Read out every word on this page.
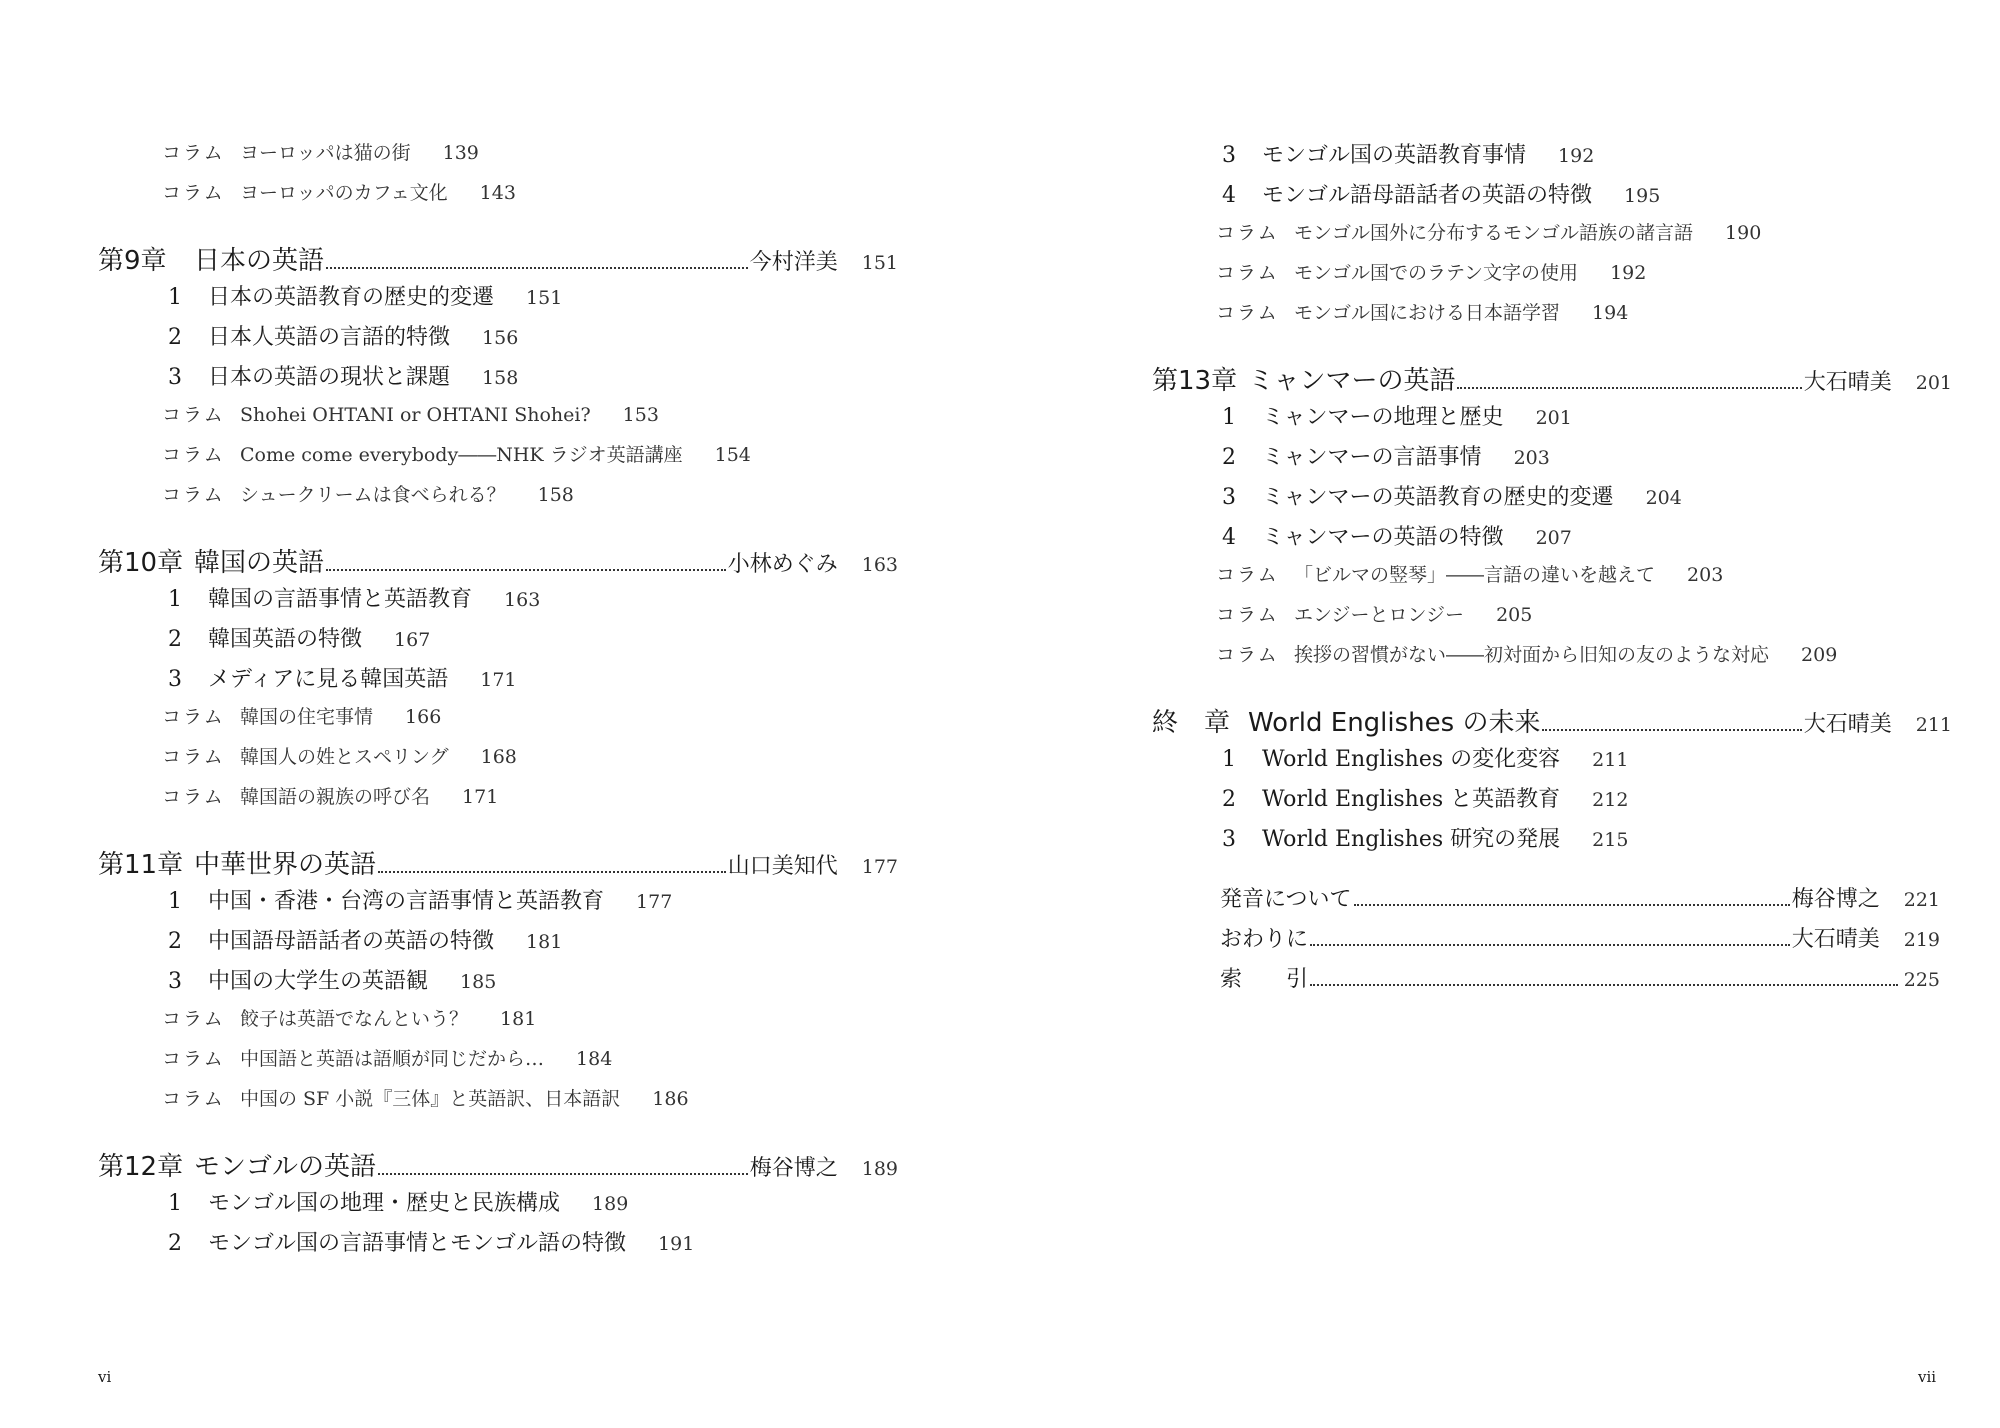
コラム ヨーロッパは猫の街 139
コラム ヨーロッパのカフェ文化 143
第9章	日本の英語	今村洋美 151
1	日本の英語教育の歴史的変遷 151
2	日本人英語の言語的特徴 156
3	日本の英語の現状と課題 158
コラム Shohei OHTANI or OHTANI Shohei? 153
コラム Come come everybody――NHK ラジオ英語講座 154
コラム シュークリームは食べられる？ 158
第10章 韓国の英語	小林めぐみ 163
1	韓国の言語事情と英語教育 163
2	韓国英語の特徴 167
3	メディアに見る韓国英語 171
コラム 韓国の住宅事情 166
コラム 韓国人の姓とスペリング 168
コラム 韓国語の親族の呼び名 171
第11章 中華世界の英語	山口美知代 177
1	中国・香港・台湾の言語事情と英語教育 177
2	中国語母語話者の英語の特徴 181
3	中国の大学生の英語観 185
コラム 餃子は英語でなんという？ 181
コラム 中国語と英語は語順が同じだから… 184
コラム 中国の SF 小説『三体』と英語訳、日本語訳 186
第12章 モンゴルの英語	梅谷博之 189
1	モンゴル国の地理・歴史と民族構成 189
2	モンゴル国の言語事情とモンゴル語の特徴 191
vi
3	モンゴル国の英語教育事情 192
4	モンゴル語母語話者の英語の特徴 195
コラム モンゴル国外に分布するモンゴル語族の諸言語 190
コラム モンゴル国でのラテン文字の使用 192
コラム モンゴル国における日本語学習 194
第13章 ミャンマーの英語	大石晴美 201
1	ミャンマーの地理と歴史 201
2	ミャンマーの言語事情 203
3	ミャンマーの英語教育の歴史的変遷 204
4	ミャンマーの英語の特徴 207
コラム 「ビルマの竪琴」――言語の違いを越えて 203
コラム エンジーとロンジー 205
コラム 挨拶の習慣がない――初対面から旧知の友のような対応 209
終　章 World Englishes の未来	大石晴美 211
1	World Englishes の変化変容 211
2	World Englishes と英語教育 212
3	World Englishes 研究の発展 215
発音について	梅谷博之 221
おわりに	大石晴美 219
索　　引	225
vii
